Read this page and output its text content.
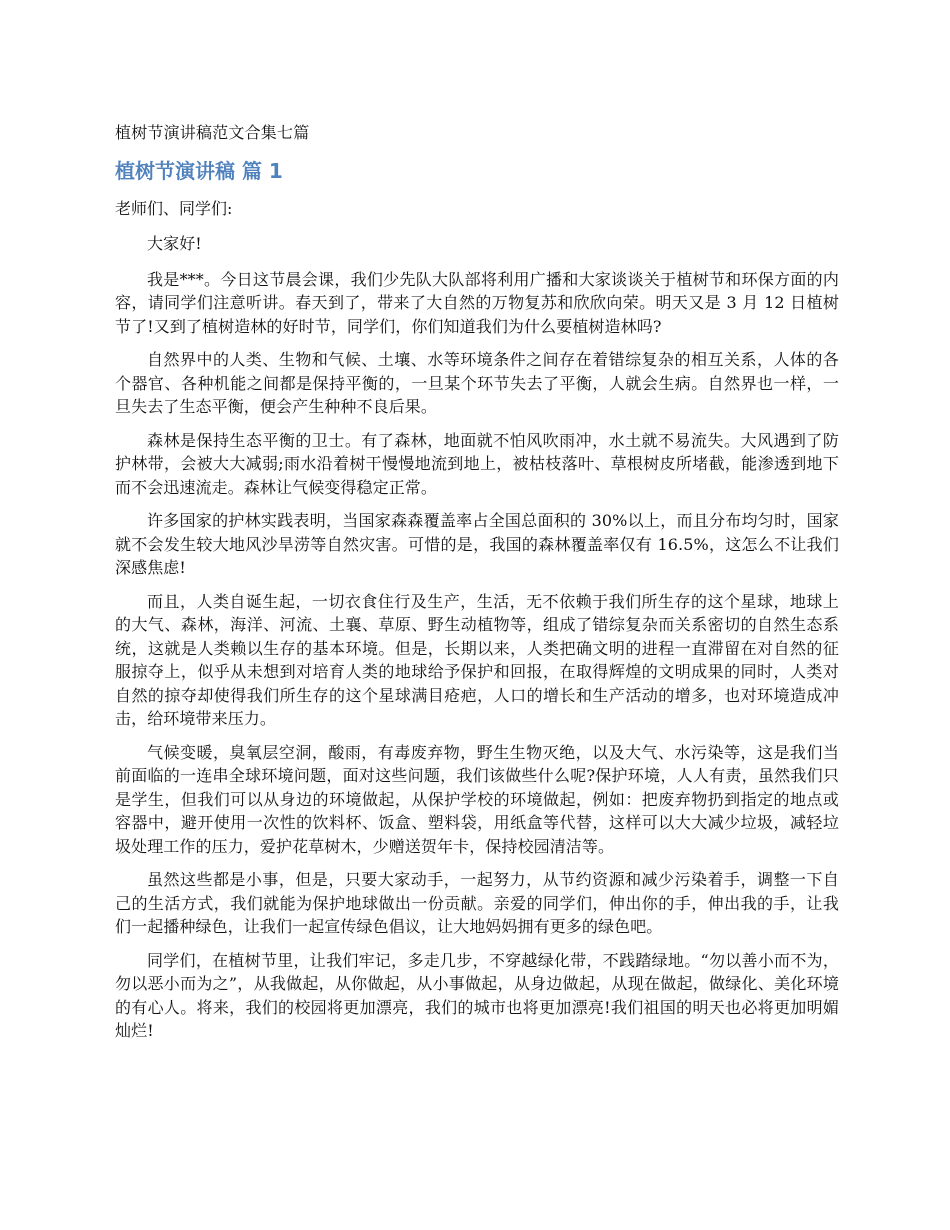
植树节演讲稿范文合集七篇
植树节演讲稿 篇 1
老师们、同学们:

大家好!

我是***。今日这节晨会课，我们少先队大队部将利用广播和大家谈谈关于植树节和环保方面的内容，请同学们注意听讲。春天到了，带来了大自然的万物复苏和欣欣向荣。明天又是 3 月 12 日植树节了!又到了植树造林的好时节，同学们，你们知道我们为什么要植树造林吗?

自然界中的人类、生物和气候、土壤、水等环境条件之间存在着错综复杂的相互关系，人体的各个器官、各种机能之间都是保持平衡的，一旦某个环节失去了平衡，人就会生病。自然界也一样，一旦失去了生态平衡，便会产生种种不良后果。

森林是保持生态平衡的卫士。有了森林，地面就不怕风吹雨冲，水土就不易流失。大风遇到了防护林带，会被大大减弱;雨水沿着树干慢慢地流到地上，被枯枝落叶、草根树皮所堵截，能渗透到地下而不会迅速流走。森林让气候变得稳定正常。

许多国家的护林实践表明，当国家森森覆盖率占全国总面积的 30%以上，而且分布均匀时，国家就不会发生较大地风沙旱涝等自然灾害。可惜的是，我国的森林覆盖率仅有 16.5%，这怎么不让我们深感焦虑!

而且，人类自诞生起，一切衣食住行及生产，生活，无不依赖于我们所生存的这个星球，地球上的大气、森林，海洋、河流、土襄、草原、野生动植物等，组成了错综复杂而关系密切的自然生态系统，这就是人类赖以生存的基本环境。但是，长期以来，人类把确文明的进程一直滞留在对自然的征服掠夺上，似乎从未想到对培育人类的地球给予保护和回报，在取得辉煌的文明成果的同时，人类对自然的掠夺却使得我们所生存的这个星球满目疮疤，人口的增长和生产活动的增多，也对环境造成冲击，给环境带来压力。

气候变暖，臭氧层空洞，酸雨，有毒废弃物，野生生物灭绝，以及大气、水污染等，这是我们当前面临的一连串全球环境问题，面对这些问题，我们该做些什么呢?保护环境，人人有责，虽然我们只是学生，但我们可以从身边的环境做起，从保护学校的环境做起，例如：把废弃物扔到指定的地点或容器中，避开使用一次性的饮料杯、饭盒、塑料袋，用纸盒等代替，这样可以大大减少垃圾，减轻垃圾处理工作的压力，爱护花草树木，少赠送贺年卡，保持校园清洁等。

虽然这些都是小事，但是，只要大家动手，一起努力，从节约资源和减少污染着手，调整一下自己的生活方式，我们就能为保护地球做出一份贡献。亲爱的同学们，伸出你的手，伸出我的手，让我们一起播种绿色，让我们一起宣传绿色倡议，让大地妈妈拥有更多的绿色吧。

同学们，在植树节里，让我们牢记，多走几步，不穿越绿化带，不践踏绿地。“勿以善小而不为，勿以恶小而为之”，从我做起，从你做起，从小事做起，从身边做起，从现在做起，做绿化、美化环境的有心人。将来，我们的校园将更加漂亮，我们的城市也将更加漂亮!我们祖国的明天也必将更加明媚灿烂!
